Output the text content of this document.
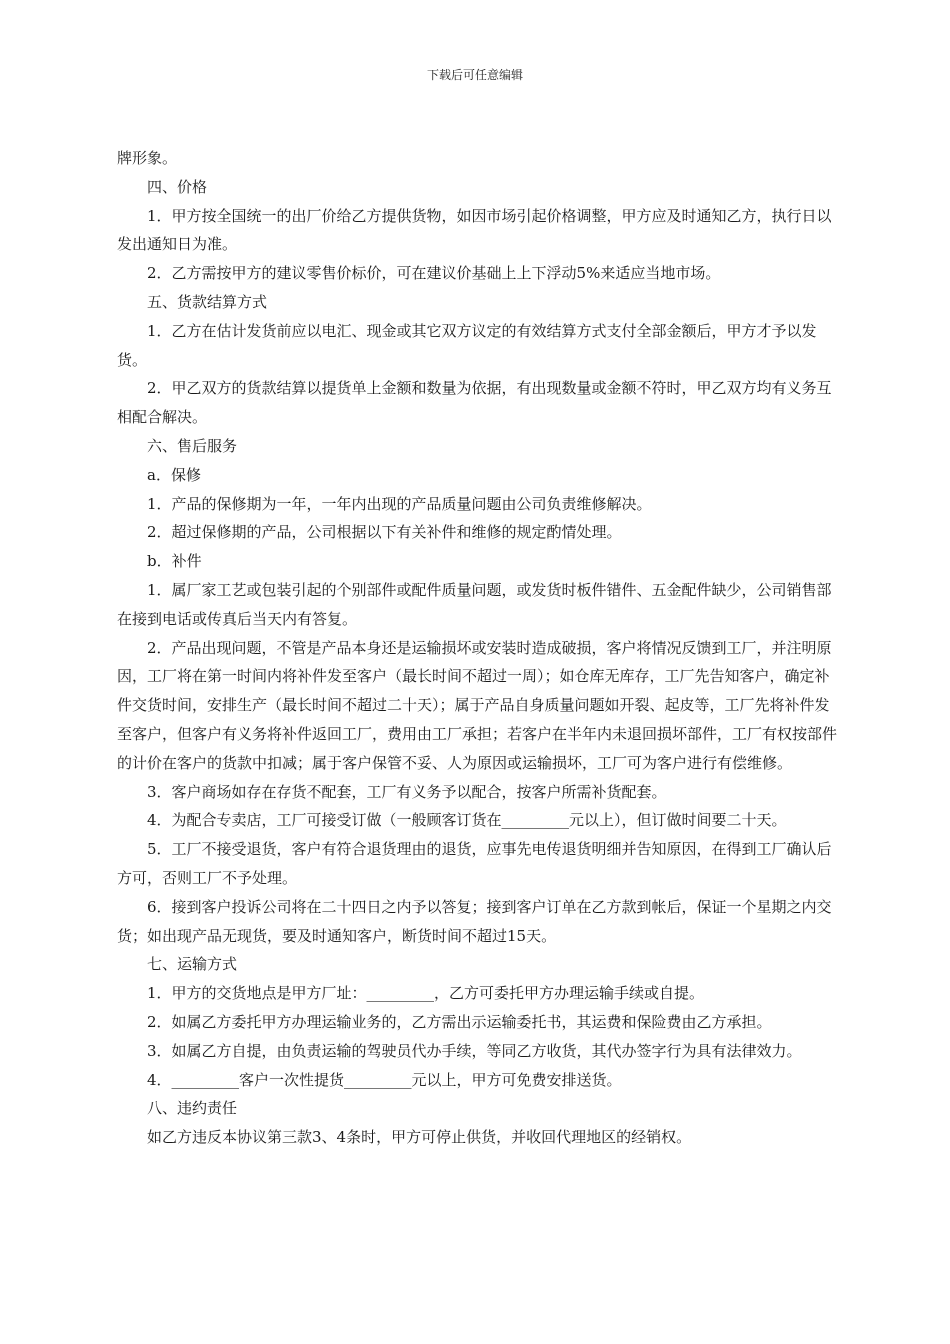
下载后可任意编辑

牌形象。

四、价格

1．甲方按全国统一的出厂价给乙方提供货物，如因市场引起价格调整，甲方应及时通知乙方，执行日以发出通知日为准。

2．乙方需按甲方的建议零售价标价，可在建议价基础上上下浮动5%来适应当地市场。

五、货款结算方式

1．乙方在估计发货前应以电汇、现金或其它双方议定的有效结算方式支付全部金额后，甲方才予以发货。

2．甲乙双方的货款结算以提货单上金额和数量为依据，有出现数量或金额不符时，甲乙双方均有义务互相配合解决。

六、售后服务

a．保修

1．产品的保修期为一年，一年内出现的产品质量问题由公司负责维修解决。

2．超过保修期的产品，公司根据以下有关补件和维修的规定酌情处理。

b．补件

1．属厂家工艺或包装引起的个别部件或配件质量问题，或发货时板件错件、五金配件缺少，公司销售部在接到电话或传真后当天内有答复。

2．产品出现问题，不管是产品本身还是运输损坏或安装时造成破损，客户将情况反馈到工厂，并注明原因，工厂将在第一时间内将补件发至客户（最长时间不超过一周）；如仓库无库存，工厂先告知客户，确定补件交货时间，安排生产（最长时间不超过二十天）；属于产品自身质量问题如开裂、起皮等，工厂先将补件发至客户，但客户有义务将补件返回工厂，费用由工厂承担；若客户在半年内未退回损坏部件，工厂有权按部件的计价在客户的货款中扣减；属于客户保管不妥、人为原因或运输损坏，工厂可为客户进行有偿维修。

3．客户商场如存在存货不配套，工厂有义务予以配合，按客户所需补货配套。

4．为配合专卖店，工厂可接受订做（一般顾客订货在_________元以上），但订做时间要二十天。

5．工厂不接受退货，客户有符合退货理由的退货，应事先电传退货明细并告知原因，在得到工厂确认后方可，否则工厂不予处理。

6．接到客户投诉公司将在二十四日之内予以答复；接到客户订单在乙方款到帐后，保证一个星期之内交货；如出现产品无现货，要及时通知客户，断货时间不超过15天。

七、运输方式

1．甲方的交货地点是甲方厂址：_________，乙方可委托甲方办理运输手续或自提。

2．如属乙方委托甲方办理运输业务的，乙方需出示运输委托书，其运费和保险费由乙方承担。

3．如属乙方自提，由负责运输的驾驶员代办手续，等同乙方收货，其代办签字行为具有法律效力。

4．_________客户一次性提货_________元以上，甲方可免费安排送货。

八、违约责任

如乙方违反本协议第三款3、4条时，甲方可停止供货，并收回代理地区的经销权。
